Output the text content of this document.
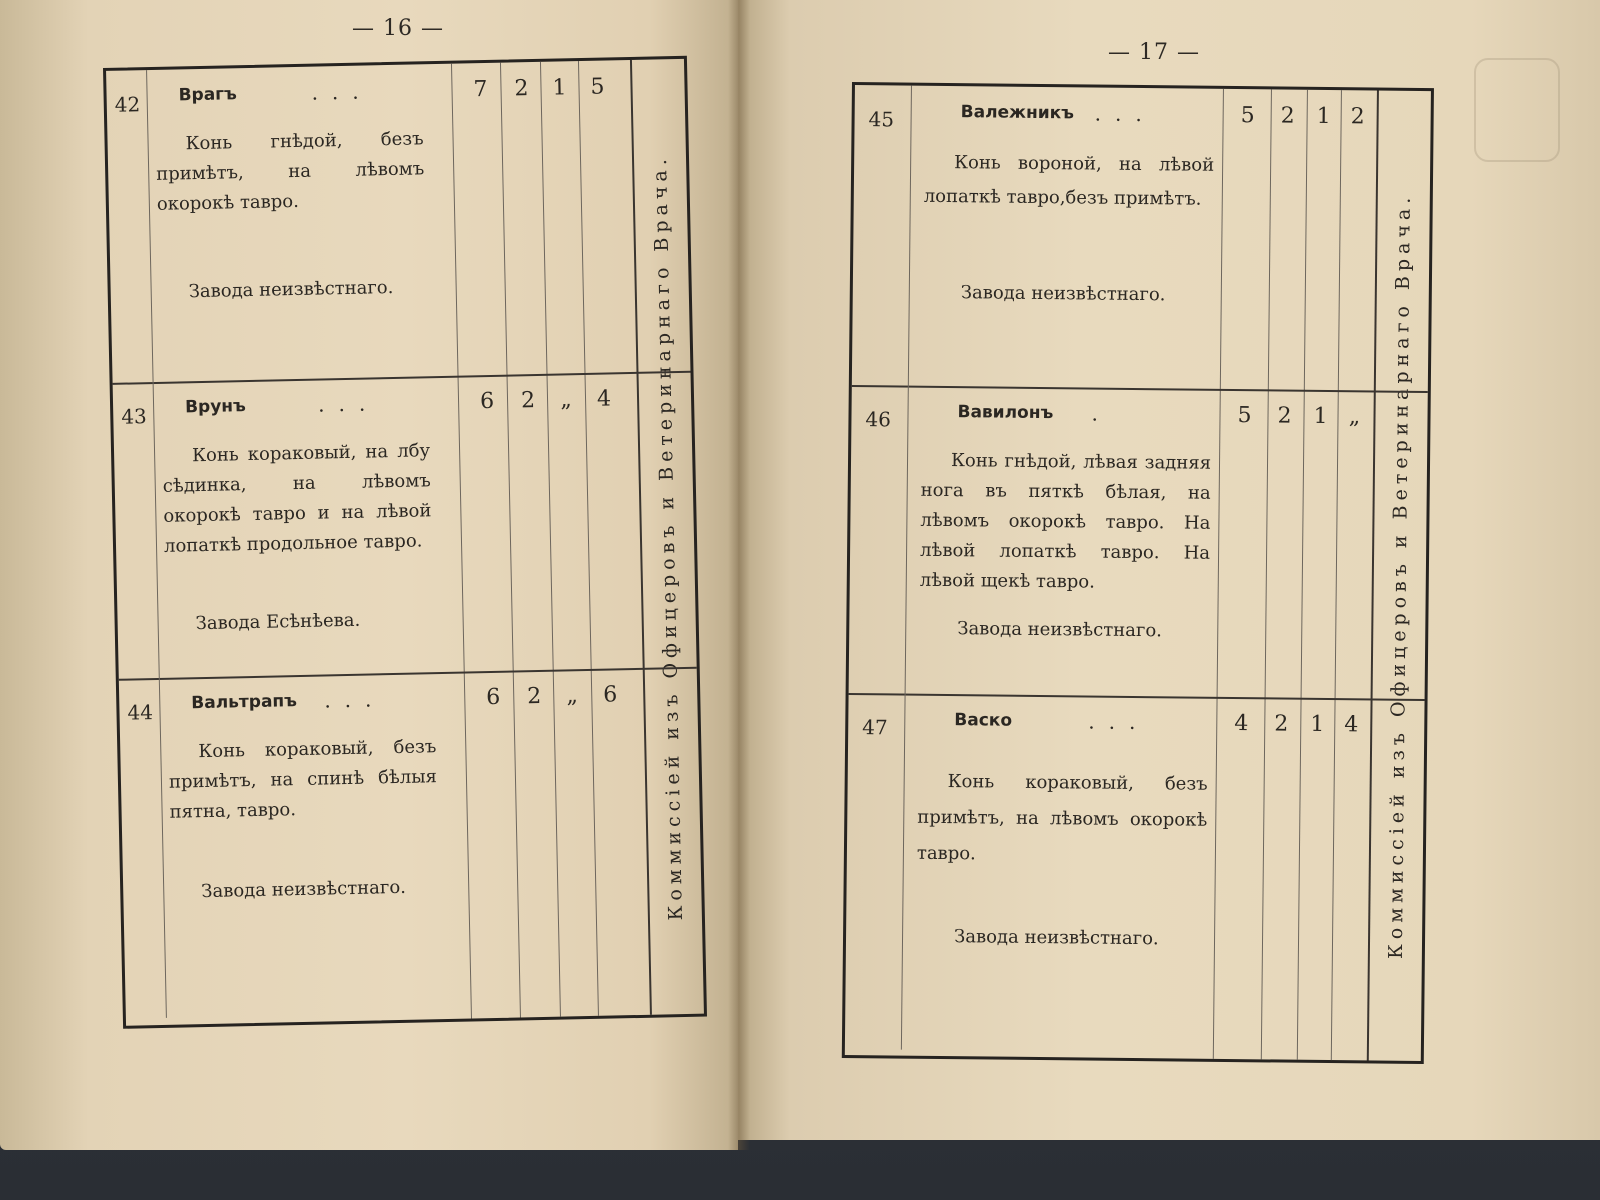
— 16 —
Коммиссiей изъ Офицеровъ и Ветеринарнаго Врача.
42 Врагъ	...	7	2	1	5
Конь гнѣдой, безъ примѣтъ, на лѣвомъ окорокѣ тавро.
Завода неизвѣстнаго.
43 Врунъ	...	6	2	„	4
Конь кораковый, на лбу сѣдинка, на лѣвомъ окорокѣ тавро и на лѣвой лопаткѣ продольное тавро.
Завода Есѣнѣева.
44 Вальтрапъ ...	6	2	„	6
Конь кораковый, безъ примѣтъ, на спинѣ бѣлыя пятна, тавро.
Завода неизвѣстнаго.
— 17 —
Коммиссiей изъ Офицеровъ и Ветеринарнаго Врача.
45	Валежникъ ...	5	2 1 2
Конь вороной, на лѣвой лопаткѣ тавро,безъ примѣтъ.
Завода неизвѣстнаго.
46	Вавилонъ .	5	2 1 „
Конь гнѣдой, лѣвая задняя нога въ пяткѣ бѣлая, на лѣвомъ окорокѣ тавро. На лѣвой лопаткѣ тавро. На лѣвой щекѣ тавро.
Завода неизвѣстнаго.
47	Васко	...	4	2 1 4
Конь кораковый, безъ примѣтъ, на лѣвомъ окорокѣ тавро.
Завода неизвѣстнаго.
